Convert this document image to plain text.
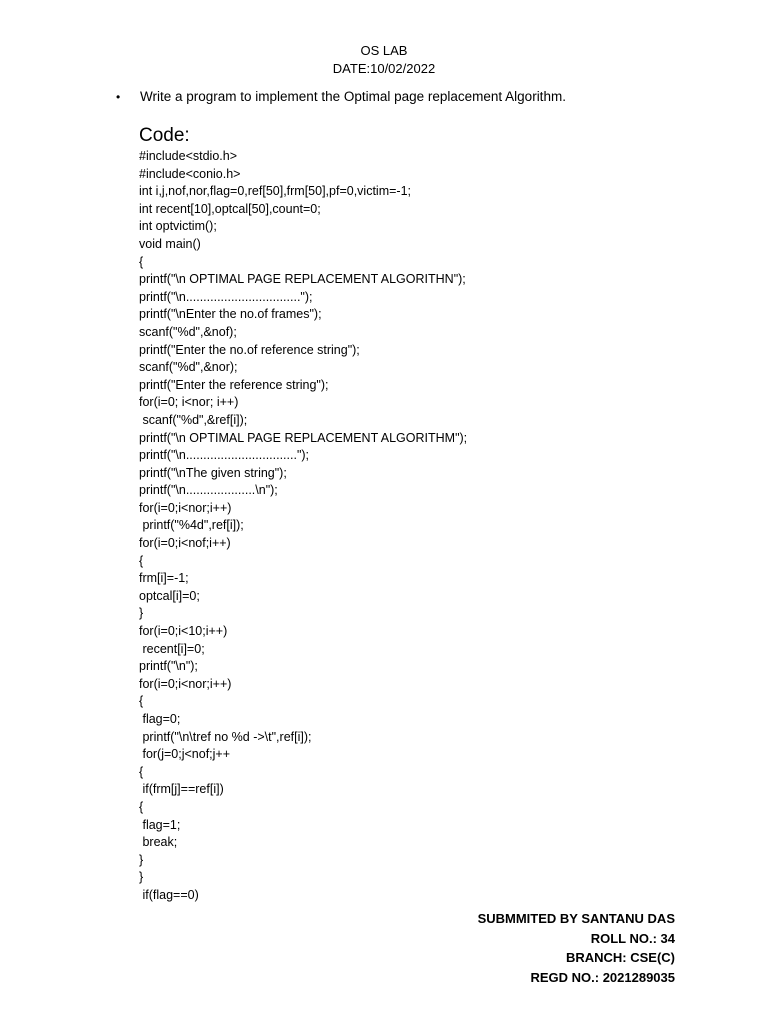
OS LAB
DATE:10/02/2022
• Write a program to implement the Optimal page replacement Algorithm.
Code:
#include<stdio.h>
#include<conio.h>
int i,j,nof,nor,flag=0,ref[50],frm[50],pf=0,victim=-1;
int recent[10],optcal[50],count=0;
int optvictim();
void main()
{
printf("\n OPTIMAL PAGE REPLACEMENT ALGORITHN");
printf("\n.................................");
printf("\nEnter the no.of frames");
scanf("%d",&nof);
printf("Enter the no.of reference string");
scanf("%d",&nor);
printf("Enter the reference string");
for(i=0; i<nor; i++)
scanf("%d",&ref[i]);
printf("\n OPTIMAL PAGE REPLACEMENT ALGORITHM");
printf("\n................................");
printf("\nThe given string");
printf("\n....................\n");
for(i=0;i<nor;i++)
printf("%4d",ref[i]);
for(i=0;i<nof;i++)
{
frm[i]=-1;
optcal[i]=0;
}
for(i=0;i<10;i++)
recent[i]=0;
printf("\n");
for(i=0;i<nor;i++)
{
flag=0;
printf("\n\tref no %d ->\t",ref[i]);
for(j=0;j<nof;j++
{
if(frm[j]==ref[i])
{
flag=1;
break;
}
}
if(flag==0)
SUBMMITED BY SANTANU DAS
ROLL NO.: 34
BRANCH: CSE(C)
REGD NO.: 2021289035
